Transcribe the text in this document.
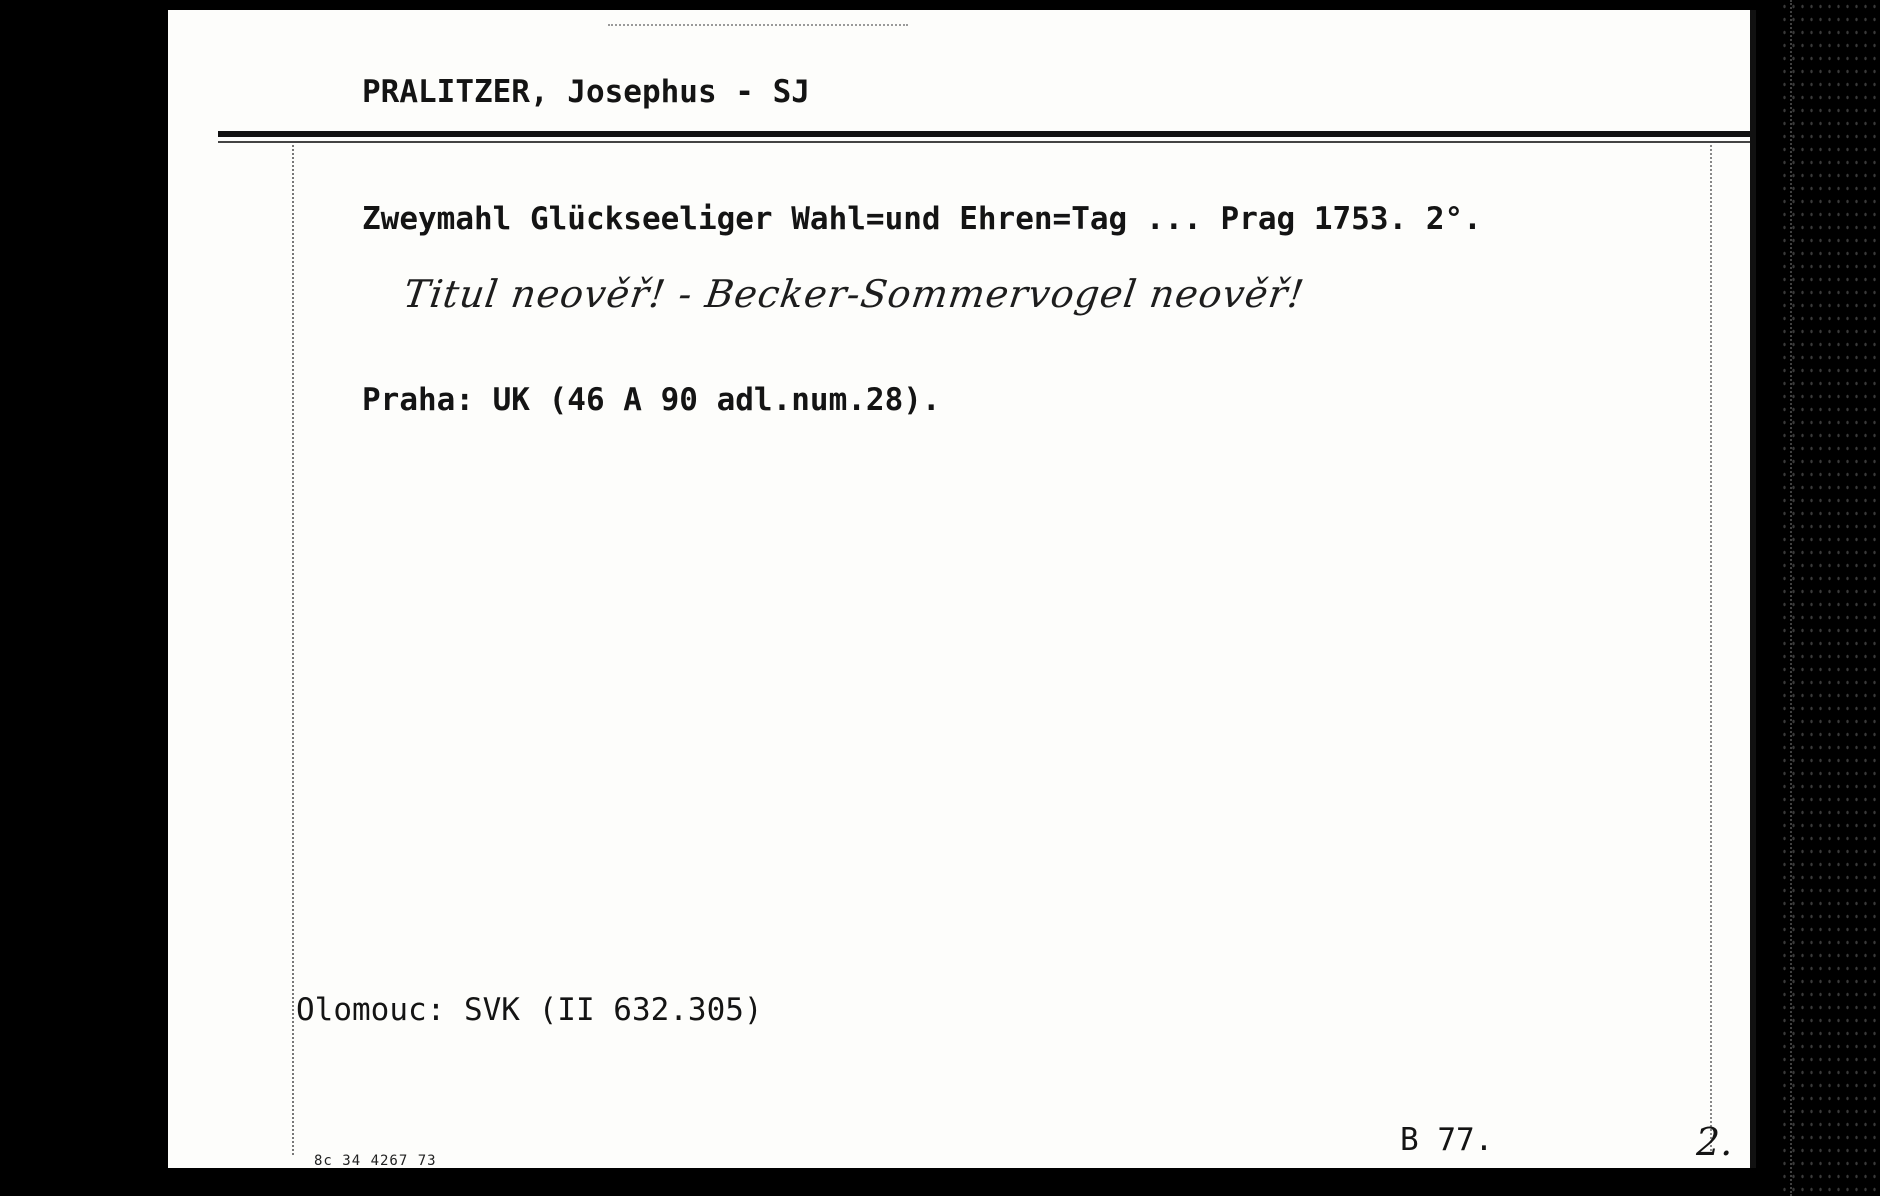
PRALITZER, Josephus - SJ
Zweymahl Glückseeliger Wahl=und Ehren=Tag ... Prag 1753. 2°.
Titul neověř! - Becker-Sommervogel neověř!
Praha: UK (46 A 90 adl.num.28).
Olomouc: SVK (II 632.305)
B 77.	2.
8c 34 4267 73
